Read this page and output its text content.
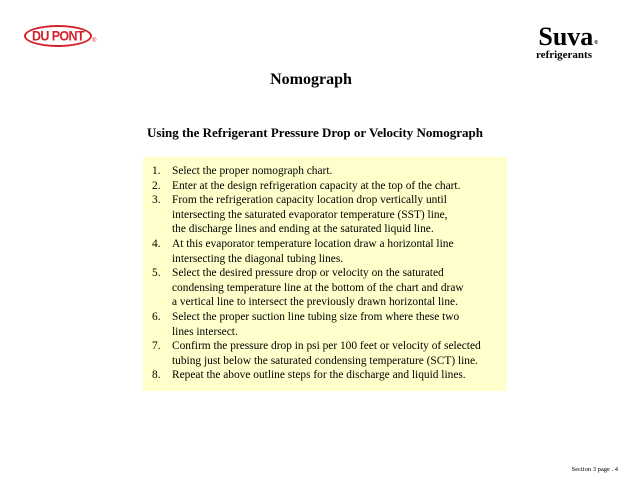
DU PONT ®	Suva®
refrigerants
Nomograph
Using the Refrigerant Pressure Drop or Velocity Nomograph
1.	Select the proper nomograph chart.
2.	Enter at the design refrigeration capacity at the top of the chart.
3.	From the refrigeration capacity location drop vertically until
intersecting the saturated evaporator temperature (SST) line,
the discharge lines and ending at the saturated liquid line.
4.	At this evaporator temperature location draw a horizontal line
intersecting the diagonal tubing lines.
5.	Select the desired pressure drop or velocity on the saturated
condensing temperature line at the bottom of the chart and draw
a vertical line to intersect the previously drawn horizontal line.
6.	Select the proper suction line tubing size from where these two
lines intersect.
7.	Confirm the pressure drop in psi per 100 feet or velocity of selected
tubing just below the saturated condensing temperature (SCT) line.
8.	Repeat the above outline steps for the discharge and liquid lines.
Section 3 page . 4
